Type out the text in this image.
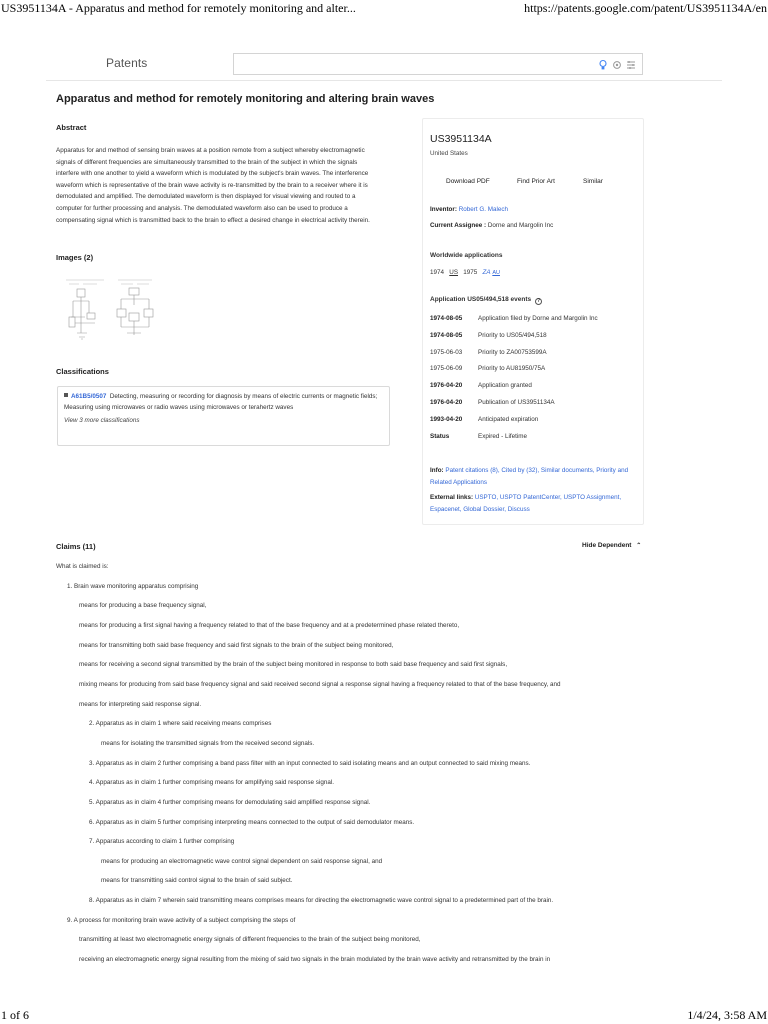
US3951134A - Apparatus and method for remotely monitoring and alter...	https://patents.google.com/patent/US3951134A/en
Patents
Apparatus and method for remotely monitoring and altering brain waves
Abstract
Apparatus for and method of sensing brain waves at a position remote from a subject whereby electromagnetic signals of different frequencies are simultaneously transmitted to the brain of the subject in which the signals interfere with one another to yield a waveform which is modulated by the subject's brain waves. The interference waveform which is representative of the brain wave activity is re-transmitted by the brain to a receiver where it is demodulated and amplified. The demodulated waveform is then displayed for visual viewing and routed to a computer for further processing and analysis. The demodulated waveform also can be used to produce a compensating signal which is transmitted back to the brain to effect a desired change in electrical activity therein.
Images (2)
Classifications
A61B5/0507 Detecting, measuring or recording for diagnosis by means of electric currents or magnetic fields; Measuring using microwaves or radio waves using microwaves or terahertz waves
View 3 more classifications
US3951134A
United States
Download PDF	Find Prior Art	Similar
Inventor: Robert G. Malech
Current Assignee : Dorne and Margolin Inc
Worldwide applications
1974 US 1975 ZA AU
Application US05/494,518 events ?
1974-08-05	Application filed by Dorne and Margolin Inc
1974-08-05	Priority to US05/494,518
1975-06-03	Priority to ZA00753599A
1975-06-09	Priority to AU81950/75A
1976-04-20	Application granted
1976-04-20	Publication of US3951134A
1993-04-20	Anticipated expiration
Status	Expired - Lifetime
Info: Patent citations (8), Cited by (32), Similar documents, Priority and Related Applications
External links: USPTO, USPTO PatentCenter, USPTO Assignment, Espacenet, Global Dossier, Discuss
Claims (11)	Hide Dependent ⌃
What is claimed is:
1. Brain wave monitoring apparatus comprising
means for producing a base frequency signal,
means for producing a first signal having a frequency related to that of the base frequency and at a predetermined phase related thereto,
means for transmitting both said base frequency and said first signals to the brain of the subject being monitored,
means for receiving a second signal transmitted by the brain of the subject being monitored in response to both said base frequency and said first signals,
mixing means for producing from said base frequency signal and said received second signal a response signal having a frequency related to that of the base frequency, and
means for interpreting said response signal.
2. Apparatus as in claim 1 where said receiving means comprises
means for isolating the transmitted signals from the received second signals.
3. Apparatus as in claim 2 further comprising a band pass filter with an input connected to said isolating means and an output connected to said mixing means.
4. Apparatus as in claim 1 further comprising means for amplifying said response signal.
5. Apparatus as in claim 4 further comprising means for demodulating said amplified response signal.
6. Apparatus as in claim 5 further comprising interpreting means connected to the output of said demodulator means.
7. Apparatus according to claim 1 further comprising
means for producing an electromagnetic wave control signal dependent on said response signal, and
means for transmitting said control signal to the brain of said subject.
8. Apparatus as in claim 7 wherein said transmitting means comprises means for directing the electromagnetic wave control signal to a predetermined part of the brain.
9. A process for monitoring brain wave activity of a subject comprising the steps of
transmitting at least two electromagnetic energy signals of different frequencies to the brain of the subject being monitored,
receiving an electromagnetic energy signal resulting from the mixing of said two signals in the brain modulated by the brain wave activity and retransmitted by the brain in
1 of 6	1/4/24, 3:58 AM
